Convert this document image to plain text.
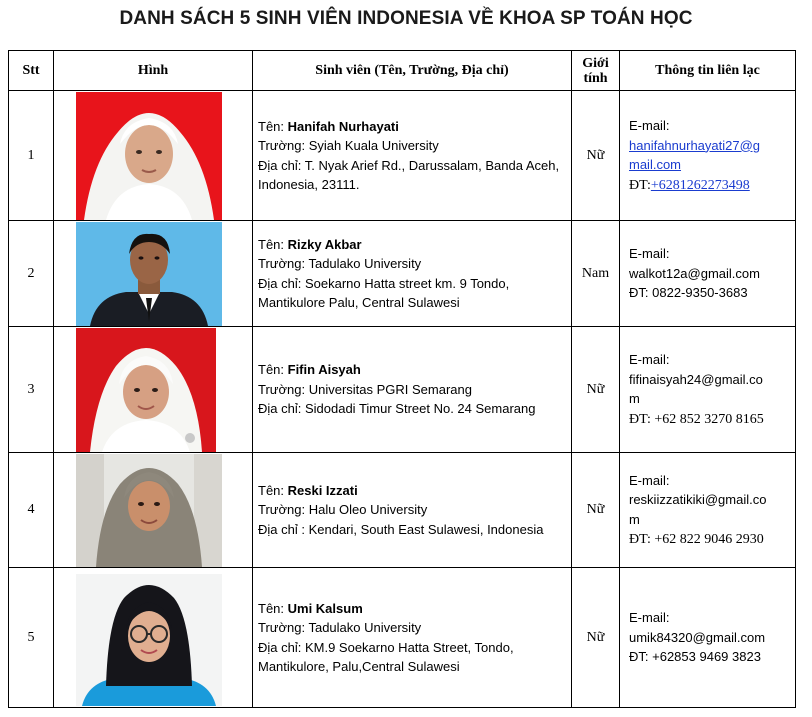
DANH SÁCH 5 SINH VIÊN INDONESIA VỀ KHOA SP TOÁN HỌC
Stt	Hình	Sinh viên (Tên, Trường, Địa chỉ)	Giới
tính	Thông tin liên lạc
1		Tên: Hanifah Nurhayati
Trường: Syiah Kuala University
Địa chỉ: T. Nyak Arief Rd., Darussalam, Banda Aceh, Indonesia, 23111.	Nữ	E-mail:
hanifahnurhayati27@g
mail.com
ĐT:+6281262273498
2		Tên: Rizky Akbar
Trường: Tadulako University
Địa chỉ: Soekarno Hatta street km. 9 Tondo, Mantikulore Palu, Central Sulawesi	Nam	E-mail:
walkot12a@gmail.com
ĐT: 0822-9350-3683
3		Tên: Fifin Aisyah
Trường: Universitas PGRI Semarang
Địa chỉ: Sidodadi Timur Street No. 24 Semarang	Nữ	E-mail:
fifinaisyah24@gmail.co
m
ĐT: +62 852 3270 8165
4		Tên: Reski Izzati
Trường: Halu Oleo University
Địa chỉ : Kendari, South East Sulawesi, Indonesia	Nữ	E-mail:
reskiizzatikiki@gmail.co
m
ĐT: +62 822 9046 2930
5		Tên: Umi Kalsum
Trường: Tadulako University
Địa chỉ: KM.9 Soekarno Hatta Street, Tondo, Mantikulore, Palu,Central Sulawesi	Nữ	E-mail:
umik84320@gmail.com
ĐT: +62853 9469 3823
